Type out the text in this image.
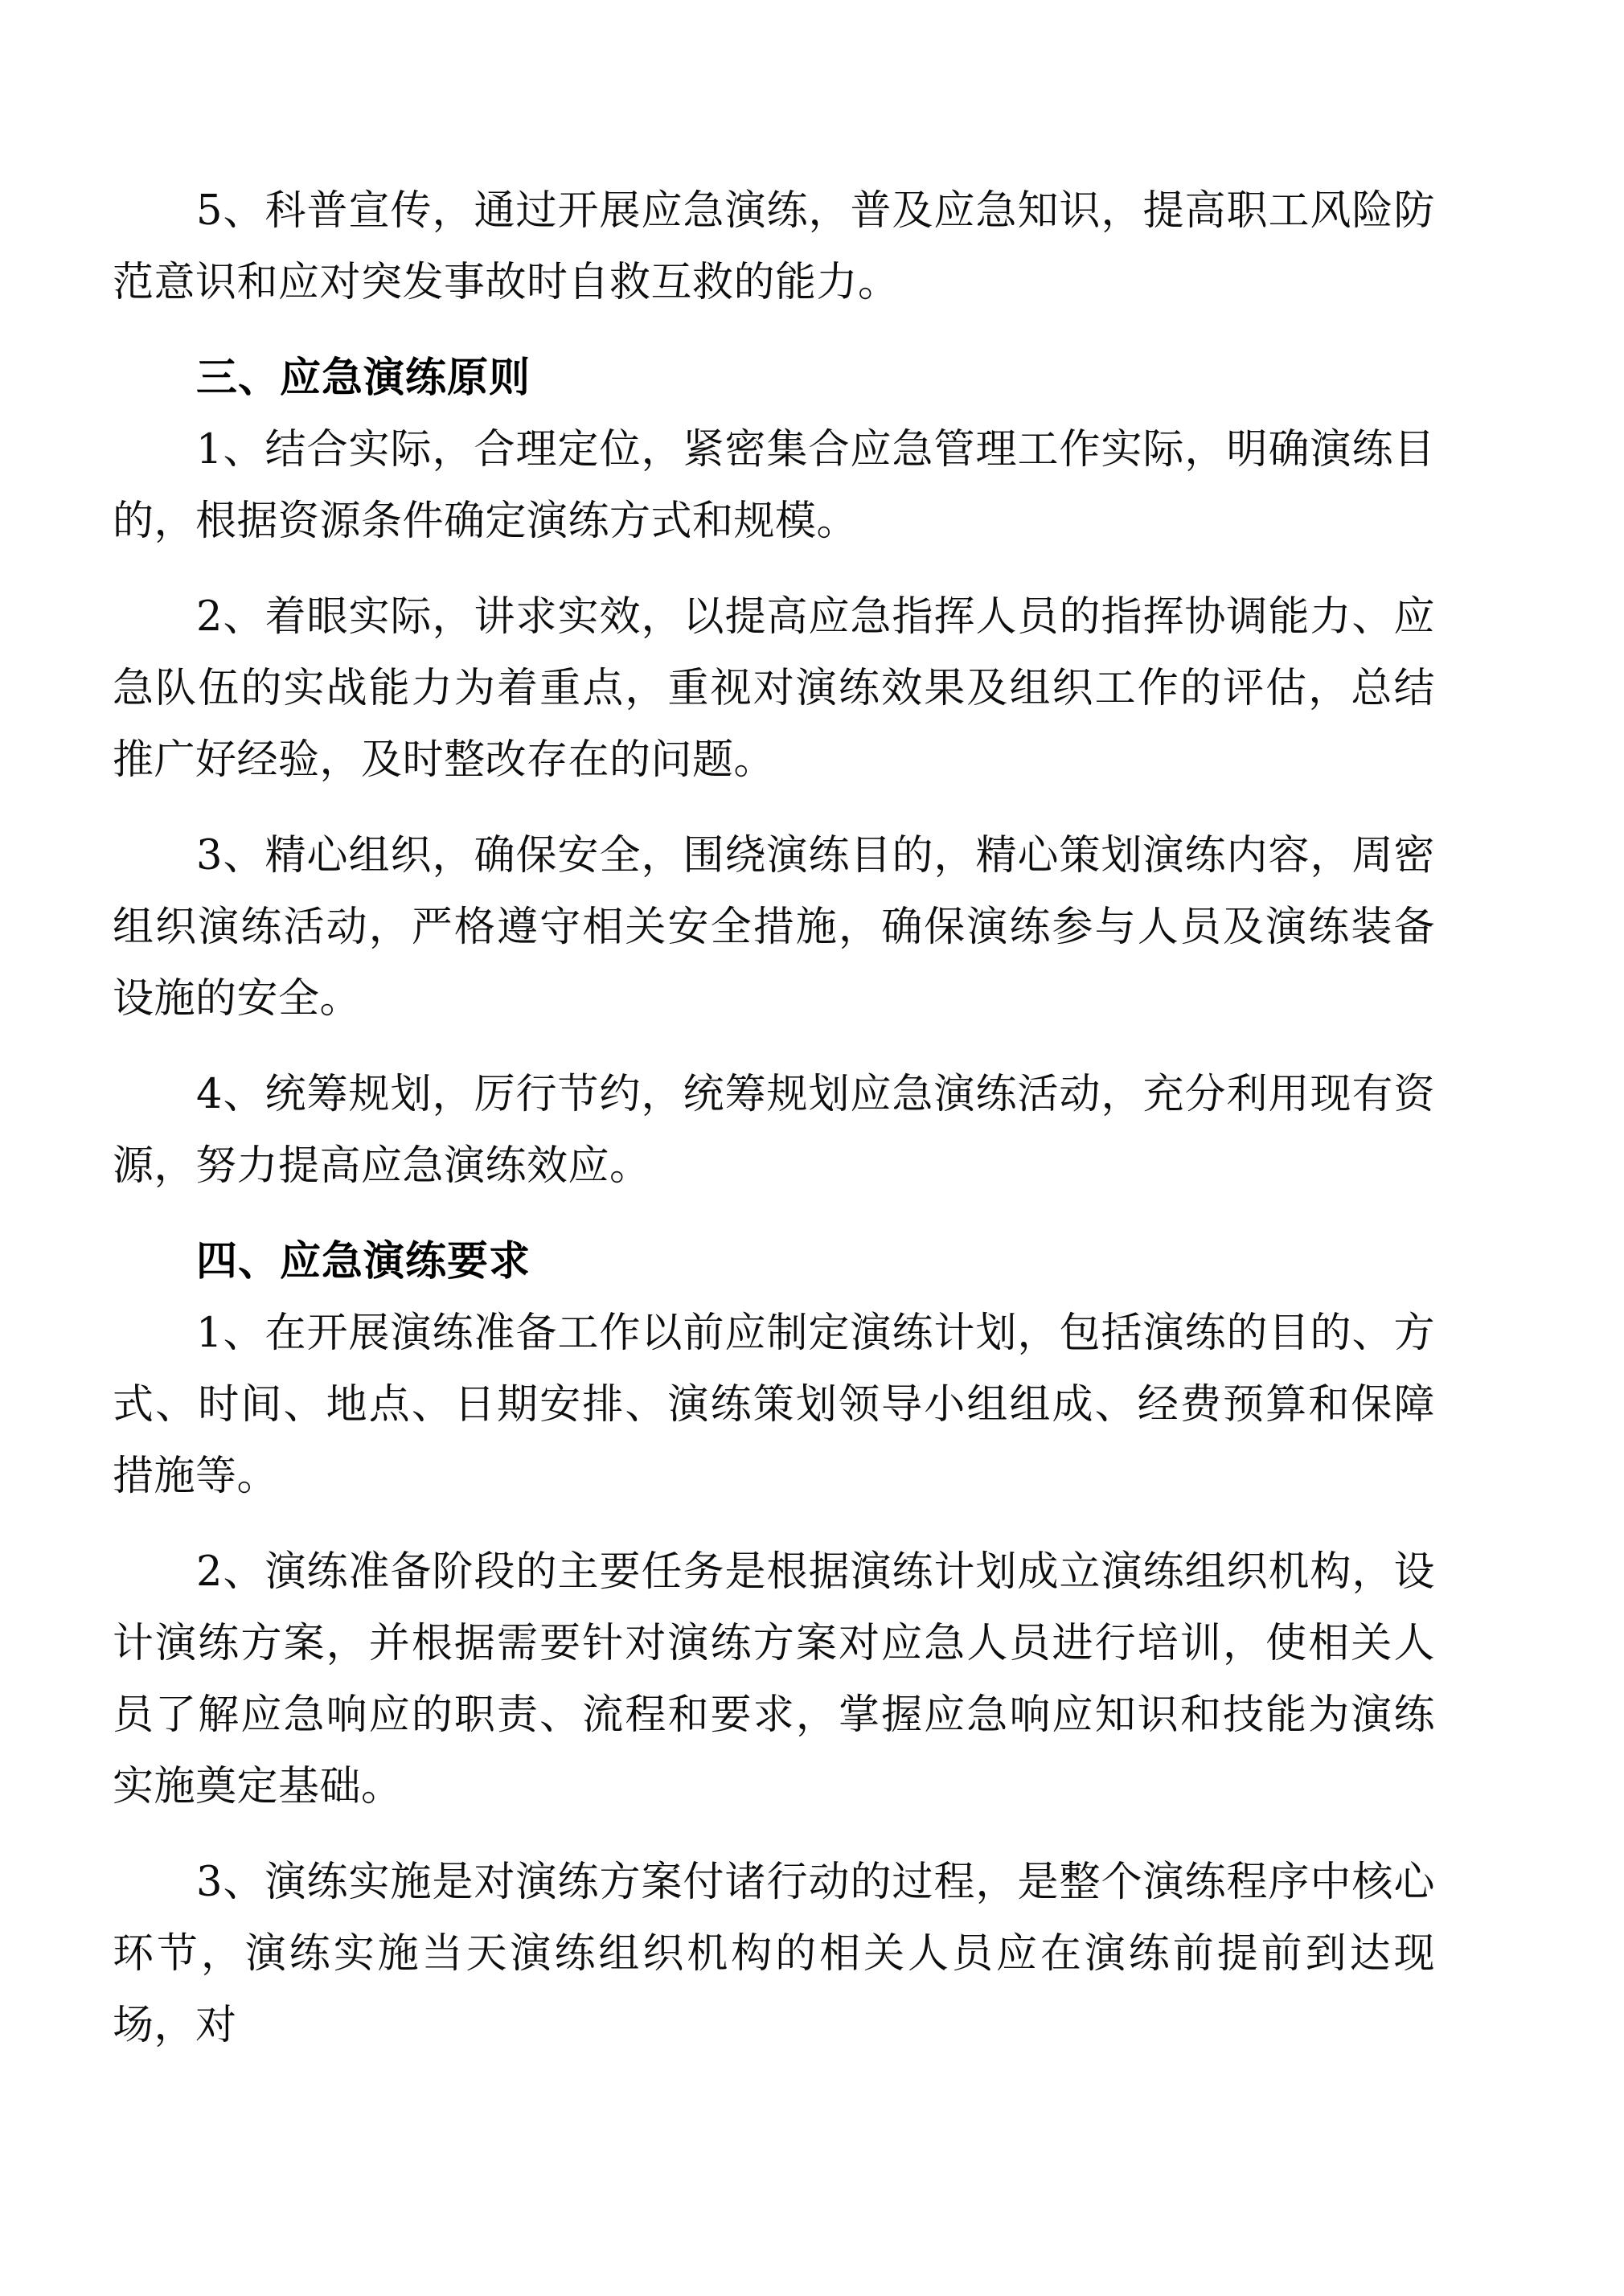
5、科普宣传，通过开展应急演练，普及应急知识，提高职工风险防范意识和应对突发事故时自救互救的能力。
三、应急演练原则
1、结合实际，合理定位，紧密集合应急管理工作实际，明确演练目的，根据资源条件确定演练方式和规模。
2、着眼实际，讲求实效，以提高应急指挥人员的指挥协调能力、应急队伍的实战能力为着重点，重视对演练效果及组织工作的评估，总结推广好经验，及时整改存在的问题。
3、精心组织，确保安全，围绕演练目的，精心策划演练内容，周密组织演练活动，严格遵守相关安全措施，确保演练参与人员及演练装备设施的安全。
4、统筹规划，厉行节约，统筹规划应急演练活动，充分利用现有资源，努力提高应急演练效应。
四、应急演练要求
1、在开展演练准备工作以前应制定演练计划，包括演练的目的、方式、时间、地点、日期安排、演练策划领导小组组成、经费预算和保障措施等。
2、演练准备阶段的主要任务是根据演练计划成立演练组织机构，设计演练方案，并根据需要针对演练方案对应急人员进行培训，使相关人员了解应急响应的职责、流程和要求，掌握应急响应知识和技能为演练实施奠定基础。
3、演练实施是对演练方案付诸行动的过程，是整个演练程序中核心环节，演练实施当天演练组织机构的相关人员应在演练前提前到达现场，对
